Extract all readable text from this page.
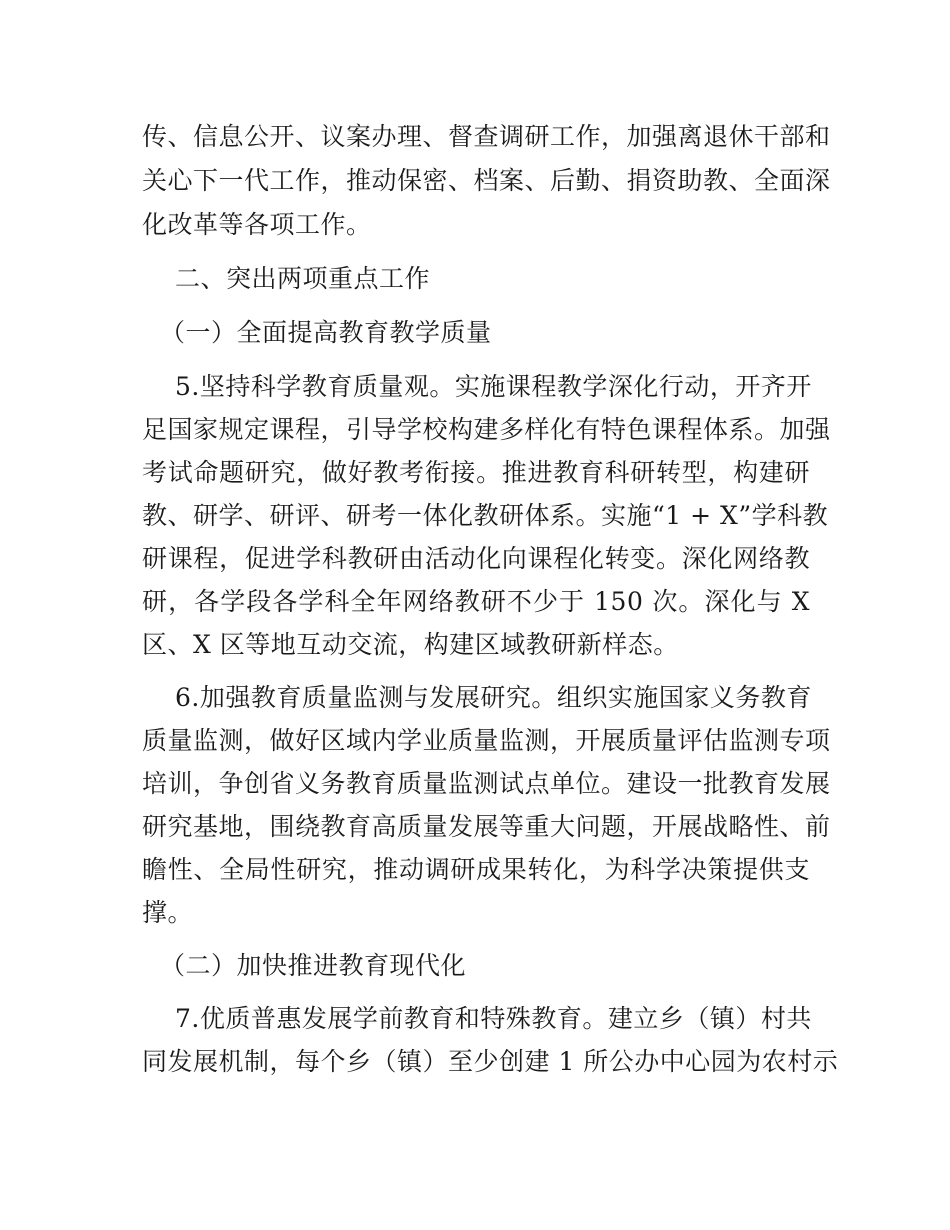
传、信息公开、议案办理、督查调研工作，加强离退休干部和
关心下一代工作，推动保密、档案、后勤、捐资助教、全面深
化改革等各项工作。
二、突出两项重点工作
（一）全面提高教育教学质量
5.坚持科学教育质量观。实施课程教学深化行动，开齐开
足国家规定课程，引导学校构建多样化有特色课程体系。加强
考试命题研究，做好教考衔接。推进教育科研转型，构建研
教、研学、研评、研考一体化教研体系。实施“1 + X”学科教
研课程，促进学科教研由活动化向课程化转变。深化网络教
研，各学段各学科全年网络教研不少于 150 次。深化与 X
区、X 区等地互动交流，构建区域教研新样态。
6.加强教育质量监测与发展研究。组织实施国家义务教育
质量监测，做好区域内学业质量监测，开展质量评估监测专项
培训，争创省义务教育质量监测试点单位。建设一批教育发展
研究基地，围绕教育高质量发展等重大问题，开展战略性、前
瞻性、全局性研究，推动调研成果转化，为科学决策提供支
撑。
（二）加快推进教育现代化
7.优质普惠发展学前教育和特殊教育。建立乡（镇）村共
同发展机制，每个乡（镇）至少创建 1 所公办中心园为农村示
